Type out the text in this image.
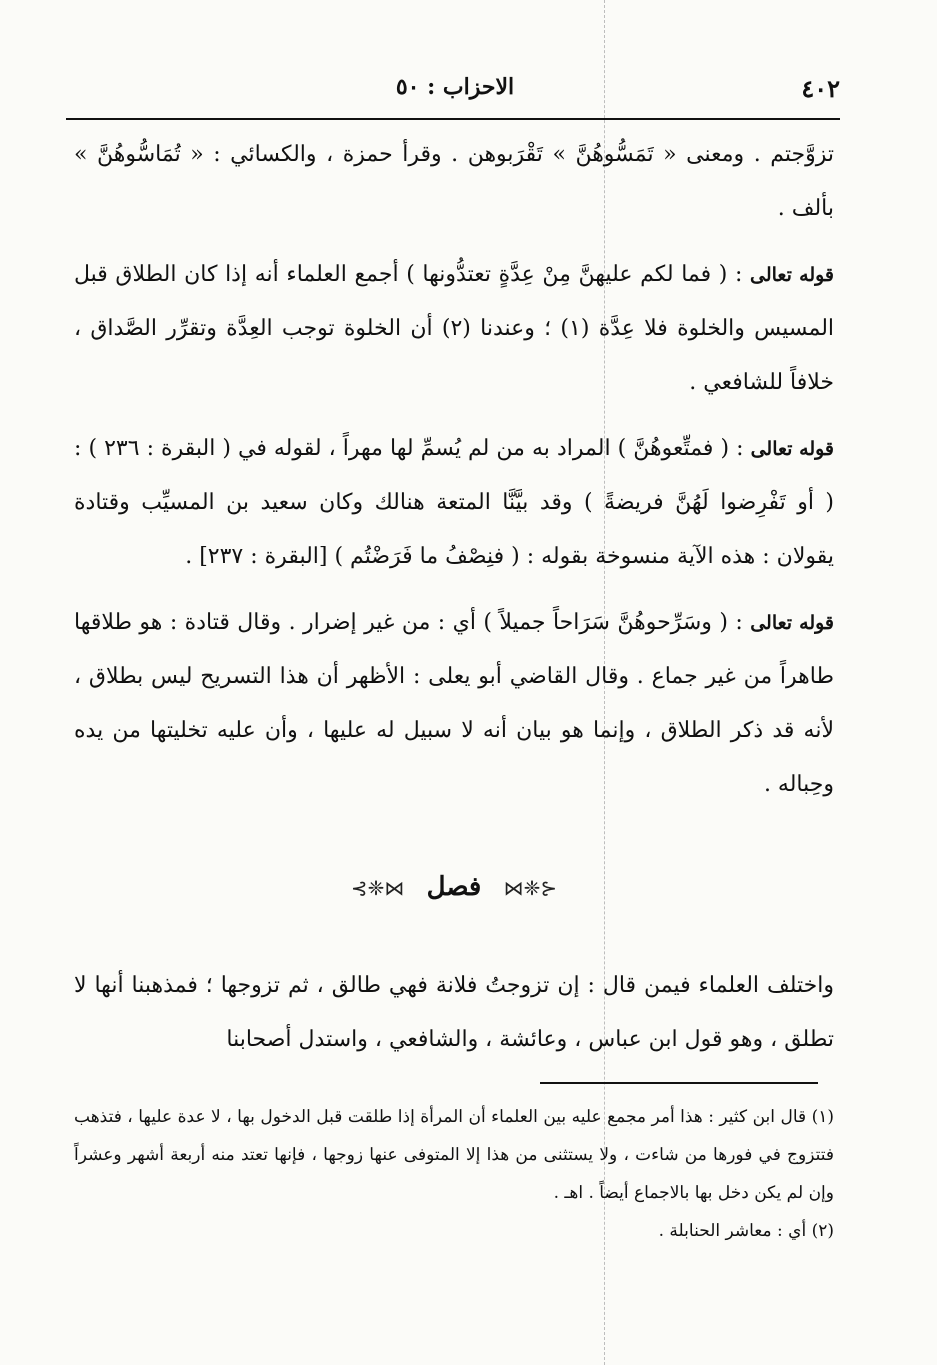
٤٠٢
الاحزاب : ٥٠

تزوَّجتم . ومعنى « تَمَسُّوهُنَّ » تَقْرَبوهن . وقرأ حمزة ، والكسائي : « تُمَاسُّوهُنَّ » بألف .

قوله تعالى : ( فما لكم عليهنَّ مِنْ عِدَّةٍ تعتدُّونها ) أجمع العلماء أنه إذا كان الطلاق قبل المسيس والخلوة فلا عِدَّة (١) ؛ وعندنا (٢) أن الخلوة توجب العِدَّة وتقرِّر الصَّداق ، خلافاً للشافعي .

قوله تعالى : ( فمتِّعوهُنَّ ) المراد به من لم يُسمِّ لها مهراً ، لقوله في ( البقرة : ٢٣٦ ) : ( أو تَفْرِضوا لَهُنَّ فريضةً ) وقد بيَّنَّا المتعة هنالك وكان سعيد بن المسيِّب وقتادة يقولان : هذه الآية منسوخة بقوله : ( فنِصْفُ ما فَرَضْتُم ) [البقرة : ٢٣٧] .

قوله تعالى : ( وسَرِّحوهُنَّ سَرَاحاً جميلاً ) أي : من غير إضرار . وقال قتادة : هو طلاقها طاهراً من غير جماع . وقال القاضي أبو يعلى : الأظهر أن هذا التسريح ليس بطلاق ، لأنه قد ذكر الطلاق ، وإنما هو بيان أنه لا سبيل له عليها ، وأن عليه تخليتها من يده وحِباله .

⊰❈⋈ فصل ⋈❈⊱

واختلف العلماء فيمن قال : إن تزوجتُ فلانة فهي طالق ، ثم تزوجها ؛ فمذهبنا أنها لا تطلق ، وهو قول ابن عباس ، وعائشة ، والشافعي ، واستدل أصحابنا

(١) قال ابن كثير : هذا أمر مجمع عليه بين العلماء أن المرأة إذا طلقت قبل الدخول بها ، لا عدة عليها ، فتذهب فتتزوج في فورها من شاءت ، ولا يستثنى من هذا إلا المتوفى عنها زوجها ، فإنها تعتد منه أربعة أشهر وعشراً وإن لم يكن دخل بها بالاجماع أيضاً . اهـ .

(٢) أي : معاشر الحنابلة .
